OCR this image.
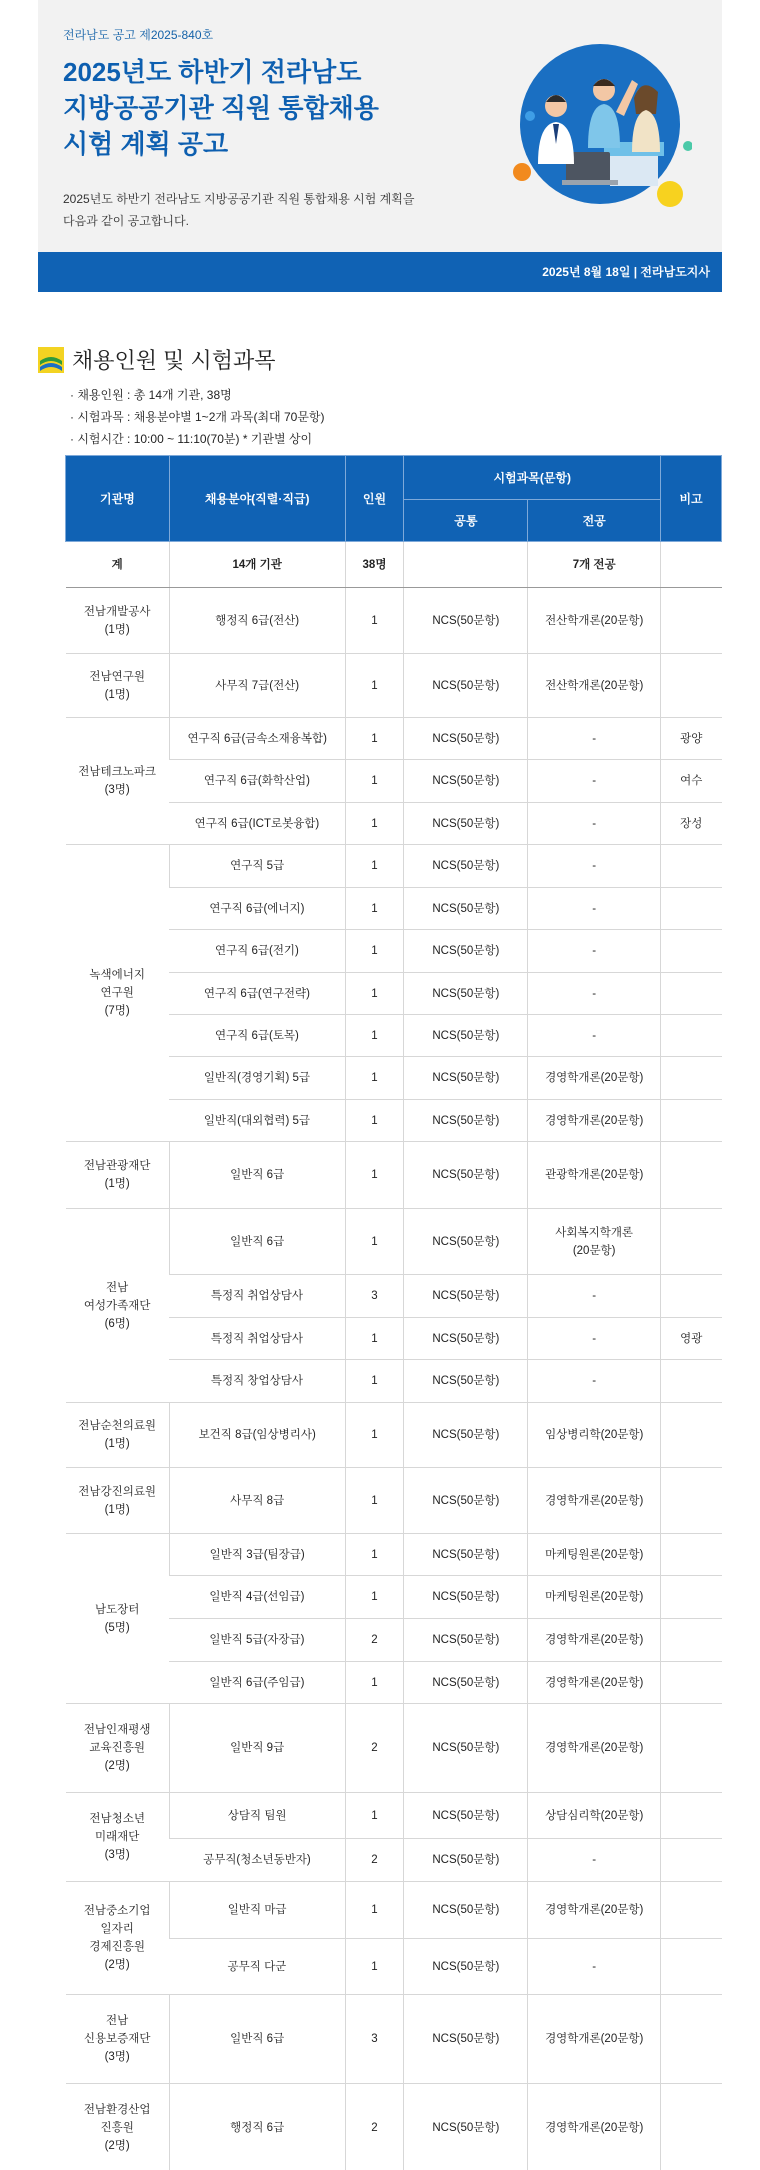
전라남도 공고 제2025-840호
2025년도 하반기 전라남도
지방공공기관 직원 통합채용
시험 계획 공고
2025년도 하반기 전라남도 지방공공기관 직원 통합채용 시험 계획을
다음과 같이 공고합니다.
2025년 8월 18일 | 전라남도지사
채용인원 및 시험과목
· 채용인원 : 총 14개 기관, 38명
· 시험과목 : 채용분야별 1~2개 과목(최대 70문항)
· 시험시간 : 10:00 ~ 11:10(70분) * 기관별 상이
기관명	채용분야(직렬·직급)	인원	시험과목(문항)		비고
			공통	전공	
계	14개 기관	38명		7개 전공	
전남개발공사
(1명)	행정직 6급(전산)	1	NCS(50문항)	전산학개론(20문항)	
전남연구원
(1명)	사무직 7급(전산)	1	NCS(50문항)	전산학개론(20문항)	
전남테크노파크
(3명)	연구직 6급(금속소재융복합)	1	NCS(50문항)	-	광양
	연구직 6급(화학산업)	1	NCS(50문항)	-	여수
	연구직 6급(ICT로봇융합)	1	NCS(50문항)	-	장성
녹색에너지
연구원
(7명)	연구직 5급	1	NCS(50문항)	-	
	연구직 6급(에너지)	1	NCS(50문항)	-	
	연구직 6급(전기)	1	NCS(50문항)	-	
	연구직 6급(연구전략)	1	NCS(50문항)	-	
	연구직 6급(토목)	1	NCS(50문항)	-	
	일반직(경영기획) 5급	1	NCS(50문항)	경영학개론(20문항)	
	일반직(대외협력) 5급	1	NCS(50문항)	경영학개론(20문항)	
전남관광재단
(1명)	일반직 6급	1	NCS(50문항)	관광학개론(20문항)	
전남
여성가족재단
(6명)	일반직 6급	1	NCS(50문항)	사회복지학개론
(20문항)	
	특정직 취업상담사	3	NCS(50문항)	-	
	특정직 취업상담사	1	NCS(50문항)	-	영광
	특정직 창업상담사	1	NCS(50문항)	-	
전남순천의료원
(1명)	보건직 8급(임상병리사)	1	NCS(50문항)	임상병리학(20문항)	
전남강진의료원
(1명)	사무직 8급	1	NCS(50문항)	경영학개론(20문항)	
남도장터
(5명)	일반직 3급(팀장급)	1	NCS(50문항)	마케팅원론(20문항)	
	일반직 4급(선임급)	1	NCS(50문항)	마케팅원론(20문항)	
	일반직 5급(자장급)	2	NCS(50문항)	경영학개론(20문항)	
	일반직 6급(주임급)	1	NCS(50문항)	경영학개론(20문항)	
전남인재평생
교육진흥원
(2명)	일반직 9급	2	NCS(50문항)	경영학개론(20문항)	
전남청소년
미래재단
(3명)	상담직 팀원	1	NCS(50문항)	상담심리학(20문항)	
	공무직(청소년동반자)	2	NCS(50문항)	-	
전남중소기업
일자리
경제진흥원
(2명)	일반직 마급	1	NCS(50문항)	경영학개론(20문항)	
	공무직 다군	1	NCS(50문항)	-	
전남
신용보증재단
(3명)	일반직 6급	3	NCS(50문항)	경영학개론(20문항)	
전남환경산업
진흥원
(2명)	행정직 6급	2	NCS(50문항)	경영학개론(20문항)	
